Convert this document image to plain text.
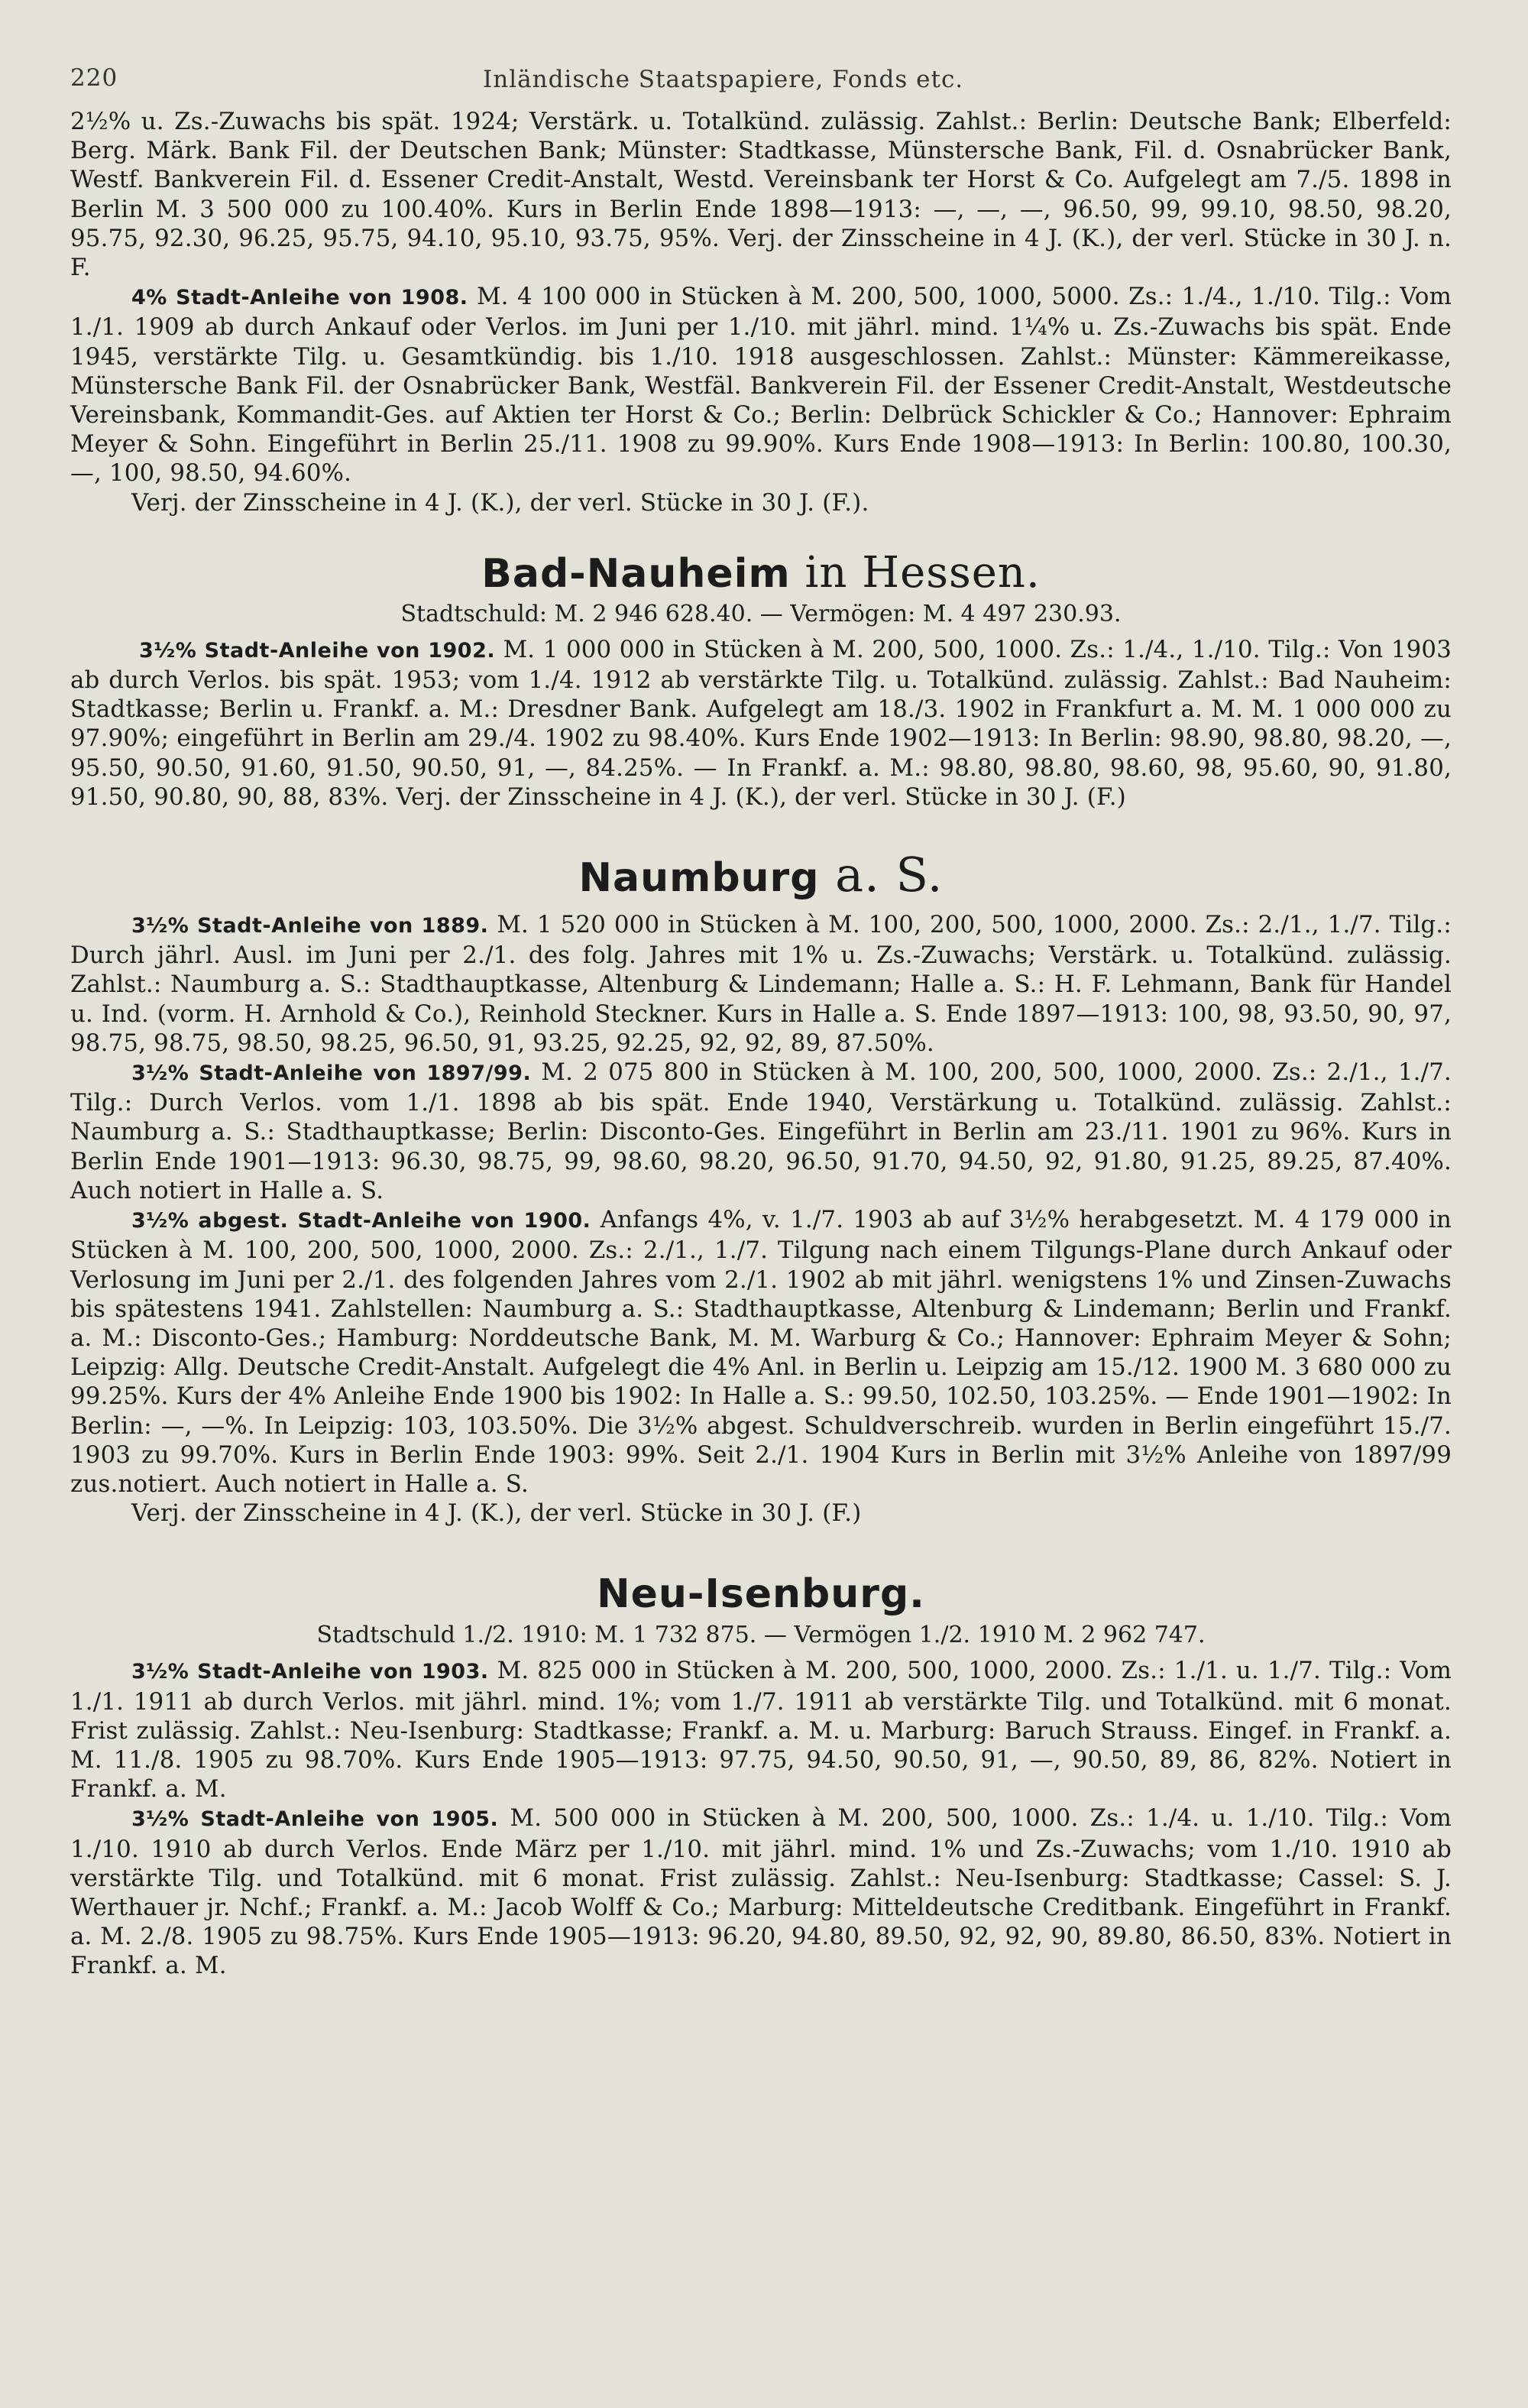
220	Inländische Staatspapiere, Fonds etc.

2½% u. Zs.-Zuwachs bis spät. 1924; Verstärk. u. Totalkünd. zulässig. Zahlst.: Berlin: Deutsche Bank; Elberfeld: Berg. Märk. Bank Fil. der Deutschen Bank; Münster: Stadtkasse, Münstersche Bank, Fil. d. Osnabrücker Bank, Westf. Bankverein Fil. d. Essener Credit-Anstalt, Westd. Vereinsbank ter Horst & Co. Aufgelegt am 7./5. 1898 in Berlin M. 3 500 000 zu 100.40%. Kurs in Berlin Ende 1898—1913: —, —, —, 96.50, 99, 99.10, 98.50, 98.20, 95.75, 92.30, 96.25, 95.75, 94.10, 95.10, 93.75, 95%. Verj. der Zinsscheine in 4 J. (K.), der verl. Stücke in 30 J. n. F.

4% Stadt-Anleihe von 1908. M. 4 100 000 in Stücken à M. 200, 500, 1000, 5000. Zs.: 1./4., 1./10. Tilg.: Vom 1./1. 1909 ab durch Ankauf oder Verlos. im Juni per 1./10. mit jährl. mind. 1¼% u. Zs.-Zuwachs bis spät. Ende 1945, verstärkte Tilg. u. Gesamtkündig. bis 1./10. 1918 ausgeschlossen. Zahlst.: Münster: Kämmereikasse, Münstersche Bank Fil. der Osnabrücker Bank, Westfäl. Bankverein Fil. der Essener Credit-Anstalt, Westdeutsche Vereinsbank, Kommandit-Ges. auf Aktien ter Horst & Co.; Berlin: Delbrück Schickler & Co.; Hannover: Ephraim Meyer & Sohn. Eingeführt in Berlin 25./11. 1908 zu 99.90%. Kurs Ende 1908—1913: In Berlin: 100.80, 100.30, —, 100, 98.50, 94.60%.

Verj. der Zinsscheine in 4 J. (K.), der verl. Stücke in 30 J. (F.).

Bad-Nauheim in Hessen.
Stadtschuld: M. 2 946 628.40. — Vermögen: M. 4 497 230.93.

3½% Stadt-Anleihe von 1902. M. 1 000 000 in Stücken à M. 200, 500, 1000. Zs.: 1./4., 1./10. Tilg.: Von 1903 ab durch Verlos. bis spät. 1953; vom 1./4. 1912 ab verstärkte Tilg. u. Totalkünd. zulässig. Zahlst.: Bad Nauheim: Stadtkasse; Berlin u. Frankf. a. M.: Dresdner Bank. Aufgelegt am 18./3. 1902 in Frankfurt a. M. M. 1 000 000 zu 97.90%; eingeführt in Berlin am 29./4. 1902 zu 98.40%. Kurs Ende 1902—1913: In Berlin: 98.90, 98.80, 98.20, —, 95.50, 90.50, 91.60, 91.50, 90.50, 91, —, 84.25%. — In Frankf. a. M.: 98.80, 98.80, 98.60, 98, 95.60, 90, 91.80, 91.50, 90.80, 90, 88, 83%. Verj. der Zinsscheine in 4 J. (K.), der verl. Stücke in 30 J. (F.)

Naumburg a. S.

3½% Stadt-Anleihe von 1889. M. 1 520 000 in Stücken à M. 100, 200, 500, 1000, 2000. Zs.: 2./1., 1./7. Tilg.: Durch jährl. Ausl. im Juni per 2./1. des folg. Jahres mit 1% u. Zs.-Zuwachs; Verstärk. u. Totalkünd. zulässig. Zahlst.: Naumburg a. S.: Stadthauptkasse, Altenburg & Lindemann; Halle a. S.: H. F. Lehmann, Bank für Handel u. Ind. (vorm. H. Arnhold & Co.), Reinhold Steckner. Kurs in Halle a. S. Ende 1897—1913: 100, 98, 93.50, 90, 97, 98.75, 98.75, 98.50, 98.25, 96.50, 91, 93.25, 92.25, 92, 92, 89, 87.50%.

3½% Stadt-Anleihe von 1897/99. M. 2 075 800 in Stücken à M. 100, 200, 500, 1000, 2000. Zs.: 2./1., 1./7. Tilg.: Durch Verlos. vom 1./1. 1898 ab bis spät. Ende 1940, Verstärkung u. Totalkünd. zulässig. Zahlst.: Naumburg a. S.: Stadthauptkasse; Berlin: Disconto-Ges. Eingeführt in Berlin am 23./11. 1901 zu 96%. Kurs in Berlin Ende 1901—1913: 96.30, 98.75, 99, 98.60, 98.20, 96.50, 91.70, 94.50, 92, 91.80, 91.25, 89.25, 87.40%. Auch notiert in Halle a. S.

3½% abgest. Stadt-Anleihe von 1900. Anfangs 4%, v. 1./7. 1903 ab auf 3½% herabgesetzt. M. 4 179 000 in Stücken à M. 100, 200, 500, 1000, 2000. Zs.: 2./1., 1./7. Tilgung nach einem Tilgungs-Plane durch Ankauf oder Verlosung im Juni per 2./1. des folgenden Jahres vom 2./1. 1902 ab mit jährl. wenigstens 1% und Zinsen-Zuwachs bis spätestens 1941. Zahlstellen: Naumburg a. S.: Stadthauptkasse, Altenburg & Lindemann; Berlin und Frankf. a. M.: Disconto-Ges.; Hamburg: Norddeutsche Bank, M. M. Warburg & Co.; Hannover: Ephraim Meyer & Sohn; Leipzig: Allg. Deutsche Credit-Anstalt. Aufgelegt die 4% Anl. in Berlin u. Leipzig am 15./12. 1900 M. 3 680 000 zu 99.25%. Kurs der 4% Anleihe Ende 1900 bis 1902: In Halle a. S.: 99.50, 102.50, 103.25%. — Ende 1901—1902: In Berlin: —, —%. In Leipzig: 103, 103.50%. Die 3½% abgest. Schuldverschreib. wurden in Berlin eingeführt 15./7. 1903 zu 99.70%. Kurs in Berlin Ende 1903: 99%. Seit 2./1. 1904 Kurs in Berlin mit 3½% Anleihe von 1897/99 zus.notiert. Auch notiert in Halle a. S.

Verj. der Zinsscheine in 4 J. (K.), der verl. Stücke in 30 J. (F.)

Neu-Isenburg.
Stadtschuld 1./2. 1910: M. 1 732 875. — Vermögen 1./2. 1910 M. 2 962 747.

3½% Stadt-Anleihe von 1903. M. 825 000 in Stücken à M. 200, 500, 1000, 2000. Zs.: 1./1. u. 1./7. Tilg.: Vom 1./1. 1911 ab durch Verlos. mit jährl. mind. 1%; vom 1./7. 1911 ab verstärkte Tilg. und Totalkünd. mit 6 monat. Frist zulässig. Zahlst.: Neu-Isenburg: Stadtkasse; Frankf. a. M. u. Marburg: Baruch Strauss. Eingef. in Frankf. a. M. 11./8. 1905 zu 98.70%. Kurs Ende 1905—1913: 97.75, 94.50, 90.50, 91, —, 90.50, 89, 86, 82%. Notiert in Frankf. a. M.

3½% Stadt-Anleihe von 1905. M. 500 000 in Stücken à M. 200, 500, 1000. Zs.: 1./4. u. 1./10. Tilg.: Vom 1./10. 1910 ab durch Verlos. Ende März per 1./10. mit jährl. mind. 1% und Zs.-Zuwachs; vom 1./10. 1910 ab verstärkte Tilg. und Totalkünd. mit 6 monat. Frist zulässig. Zahlst.: Neu-Isenburg: Stadtkasse; Cassel: S. J. Werthauer jr. Nchf.; Frankf. a. M.: Jacob Wolff & Co.; Marburg: Mitteldeutsche Creditbank. Eingeführt in Frankf. a. M. 2./8. 1905 zu 98.75%. Kurs Ende 1905—1913: 96.20, 94.80, 89.50, 92, 92, 90, 89.80, 86.50, 83%. Notiert in Frankf. a. M.
